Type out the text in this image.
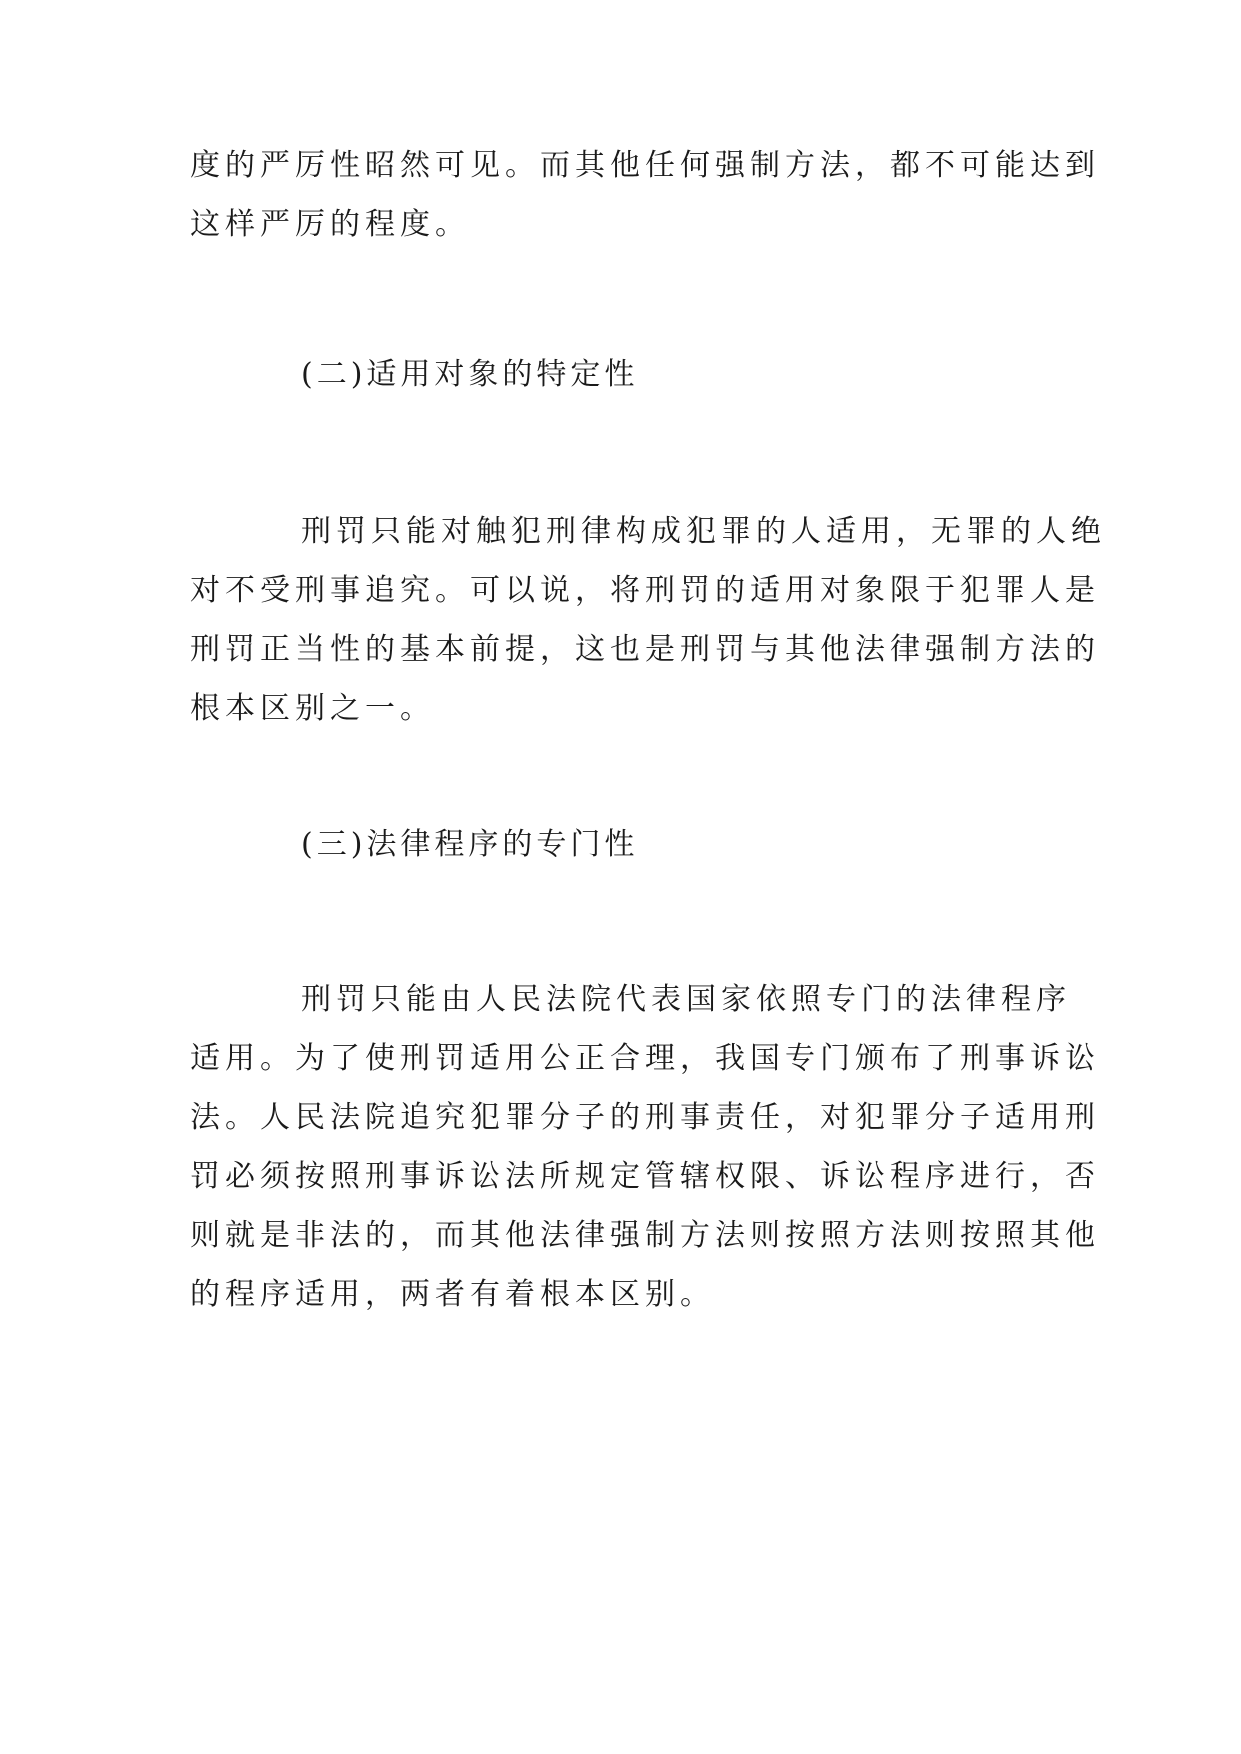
度的严厉性昭然可见。而其他任何强制方法，都不可能达到
这样严厉的程度。

(二)适用对象的特定性

刑罚只能对触犯刑律构成犯罪的人适用，无罪的人绝
对不受刑事追究。可以说，将刑罚的适用对象限于犯罪人是
刑罚正当性的基本前提，这也是刑罚与其他法律强制方法的
根本区别之一。

(三)法律程序的专门性

刑罚只能由人民法院代表国家依照专门的法律程序
适用。为了使刑罚适用公正合理，我国专门颁布了刑事诉讼
法。人民法院追究犯罪分子的刑事责任，对犯罪分子适用刑
罚必须按照刑事诉讼法所规定管辖权限、诉讼程序进行，否
则就是非法的，而其他法律强制方法则按照方法则按照其他
的程序适用，两者有着根本区别。
